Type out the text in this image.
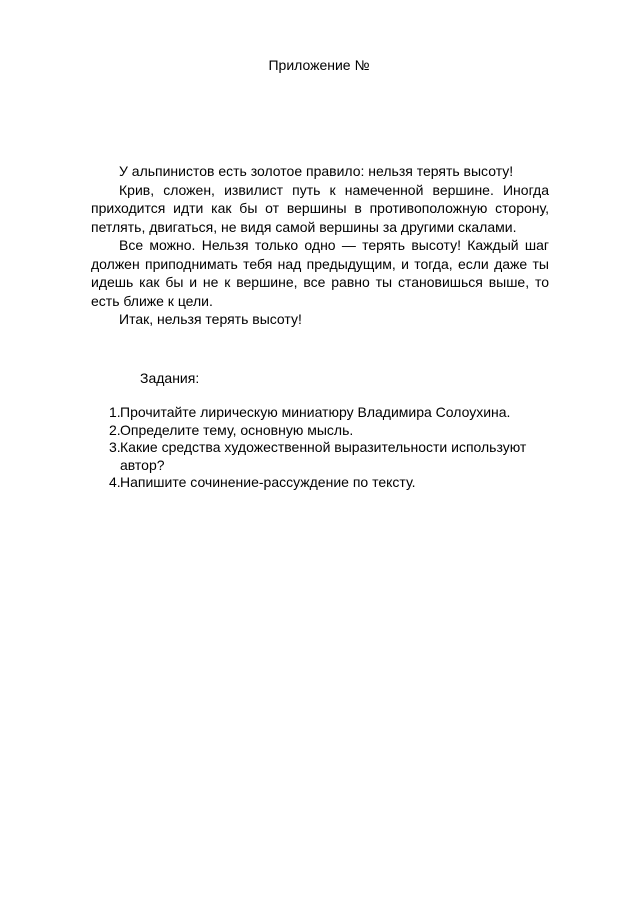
Приложение №

У альпинистов есть золотое правило: нельзя терять высоту!

Крив, сложен, извилист путь к намеченной вершине. Иногда приходится идти как бы от вершины в противоположную сторону, петлять, двигаться, не видя самой вершины за другими скалами.

Все можно. Нельзя только одно — терять высоту! Каждый шаг должен приподнимать тебя над предыдущим, и тогда, если даже ты идешь как бы и не к вершине, все равно ты становишься выше, то есть ближе к цели.

Итак, нельзя терять высоту!

Задания:

1 . Прочитайте лирическую миниатюру Владимира Солоухина.
2 . Определите тему, основную мысль.
3 . Какие средства художественной выразительности используют автор?
4 . Напишите сочинение-рассуждение по тексту.
